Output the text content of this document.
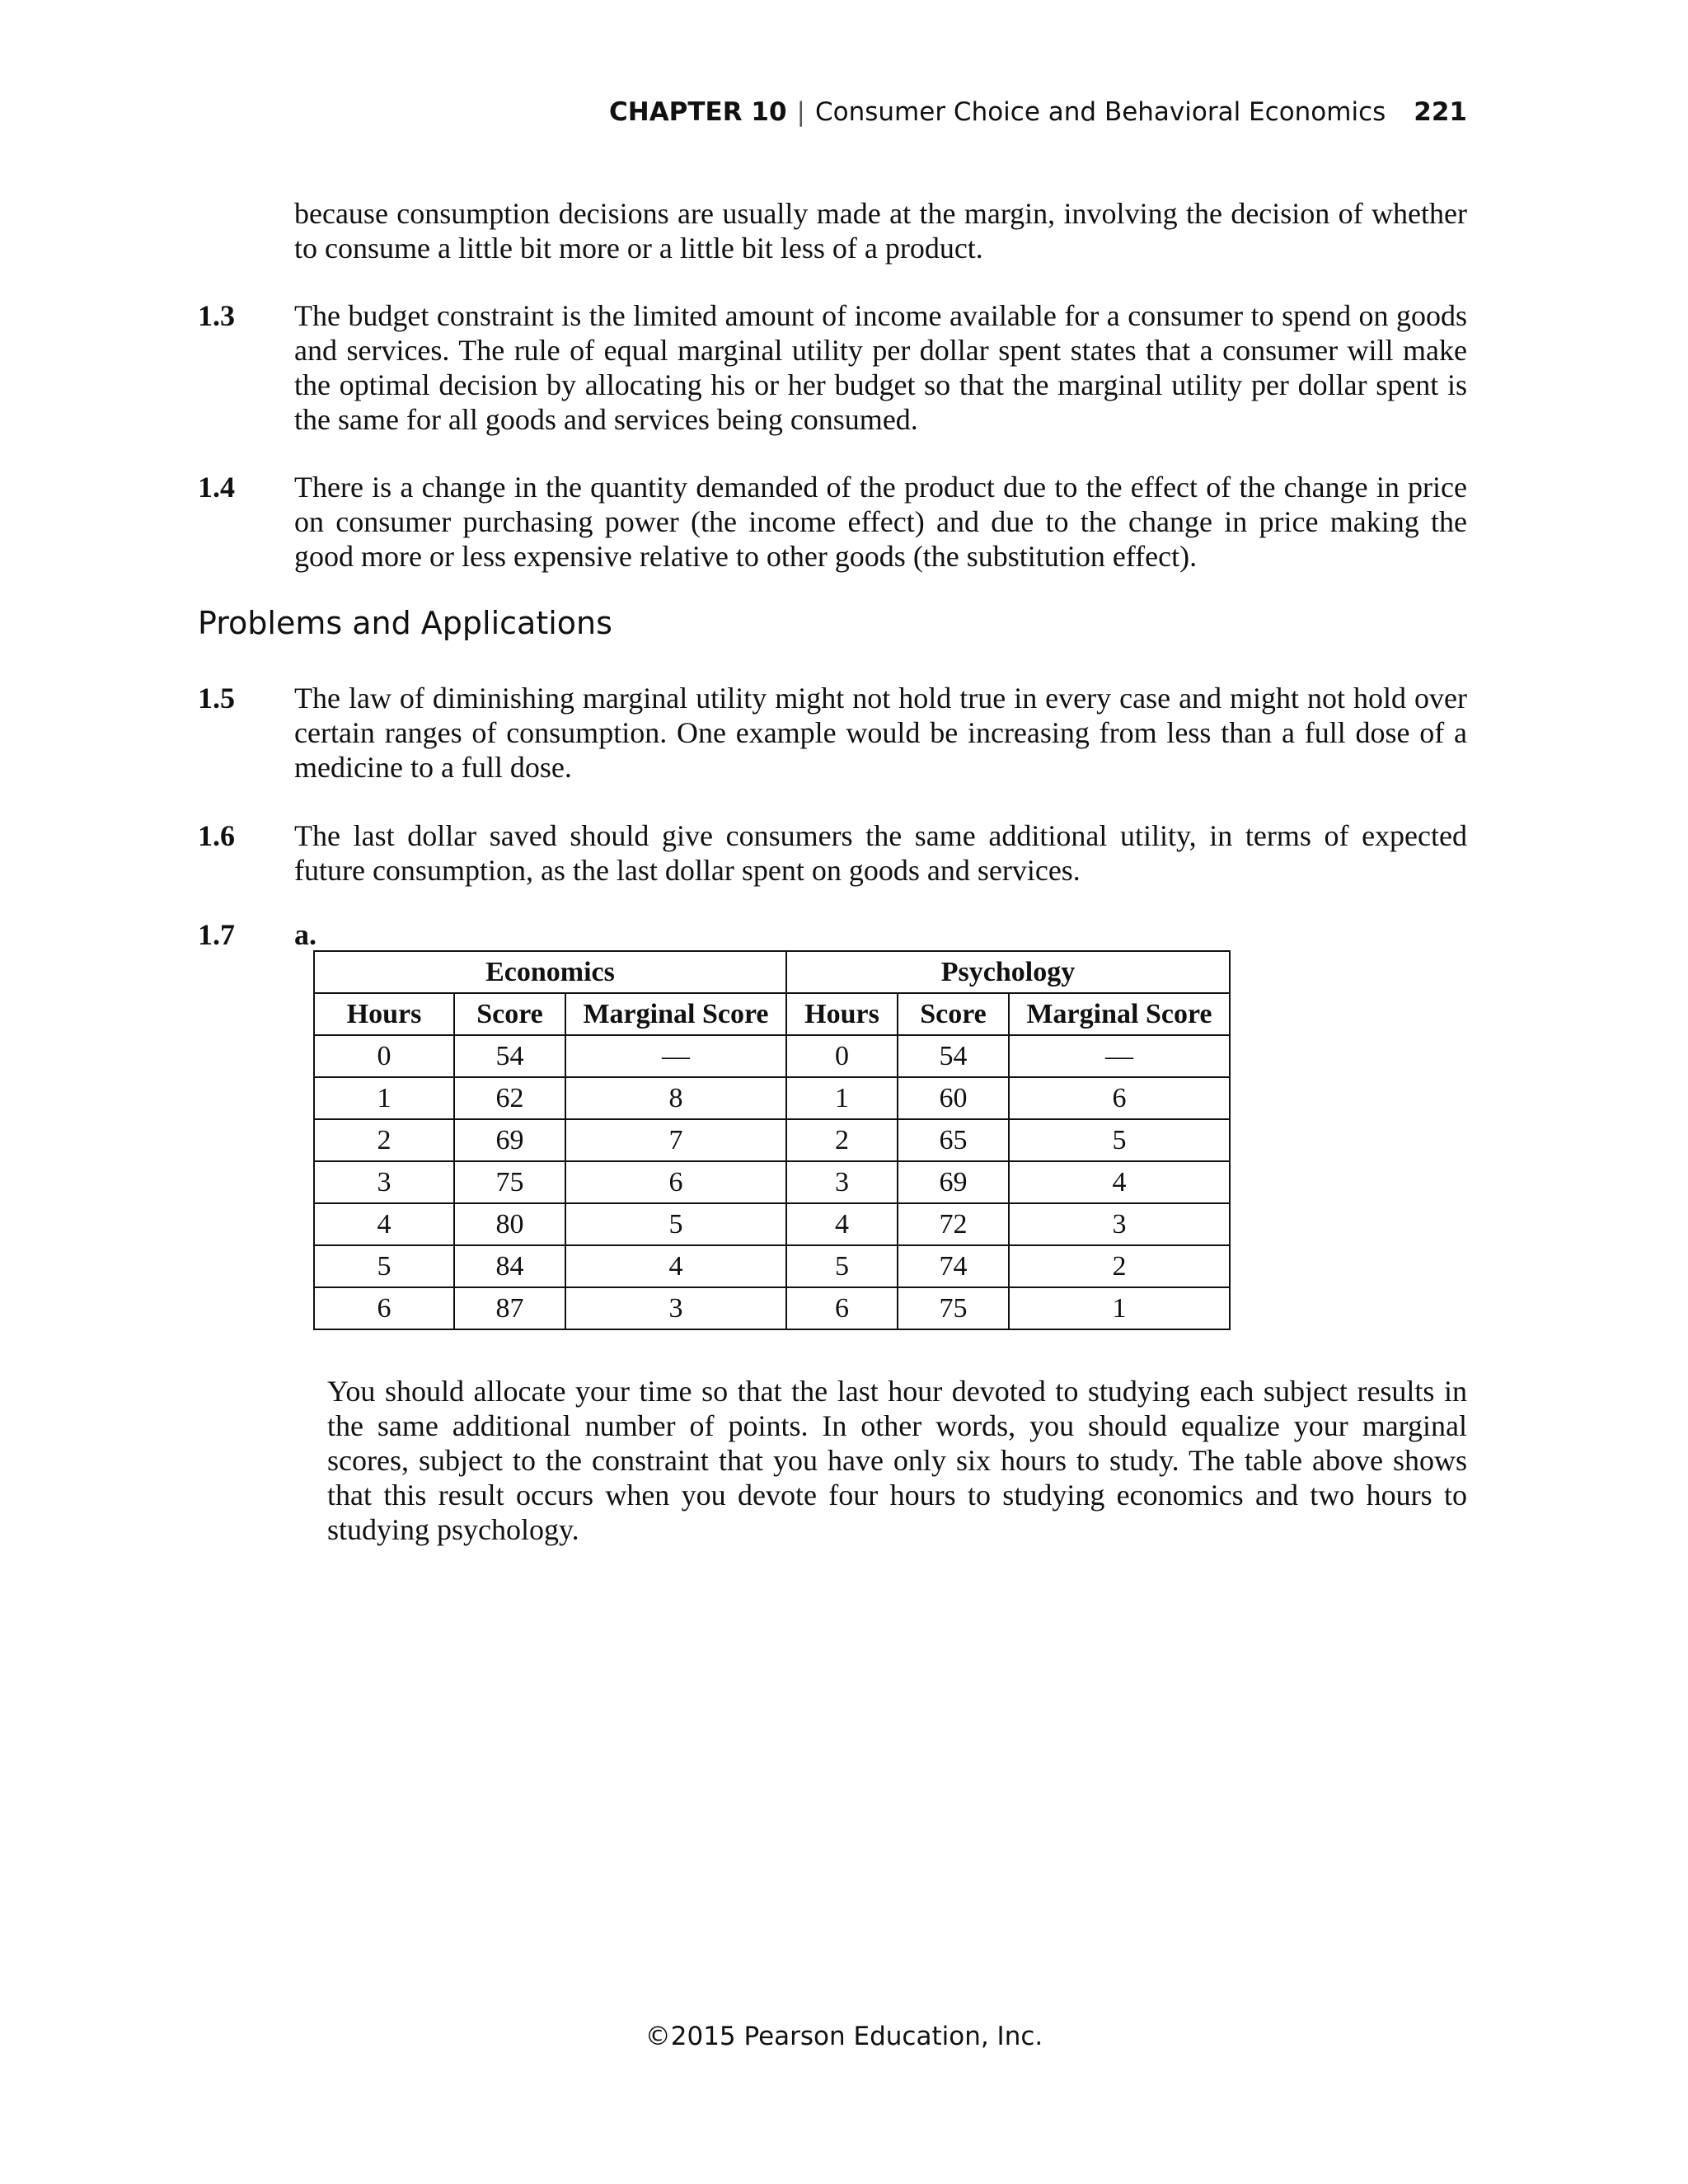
CHAPTER 10 | Consumer Choice and Behavioral Economics 221

because consumption decisions are usually made at the margin, involving the decision of whether to consume a little bit more or a little bit less of a product.

1.3 The budget constraint is the limited amount of income available for a consumer to spend on goods and services. The rule of equal marginal utility per dollar spent states that a consumer will make the optimal decision by allocating his or her budget so that the marginal utility per dollar spent is the same for all goods and services being consumed.

1.4 There is a change in the quantity demanded of the product due to the effect of the change in price on consumer purchasing power (the income effect) and due to the change in price making the good more or less expensive relative to other goods (the substitution effect).

Problems and Applications
1.5 The law of diminishing marginal utility might not hold true in every case and might not hold over certain ranges of consumption. One example would be increasing from less than a full dose of a medicine to a full dose.

1.6 The last dollar saved should give consumers the same additional utility, in terms of expected future consumption, as the last dollar spent on goods and services.

1.7 a.
Economics			Psychology		
Hours	Score	Marginal Score	Hours	Score	Marginal Score
0	54	—	0	54	—
1	62	8	1	60	6
2	69	7	2	65	5
3	75	6	3	69	4
4	80	5	4	72	3
5	84	4	5	74	2
6	87	3	6	75	1

You should allocate your time so that the last hour devoted to studying each subject results in the same additional number of points. In other words, you should equalize your marginal scores, subject to the constraint that you have only six hours to study. The table above shows that this result occurs when you devote four hours to studying economics and two hours to studying psychology.

©2015 Pearson Education, Inc.
